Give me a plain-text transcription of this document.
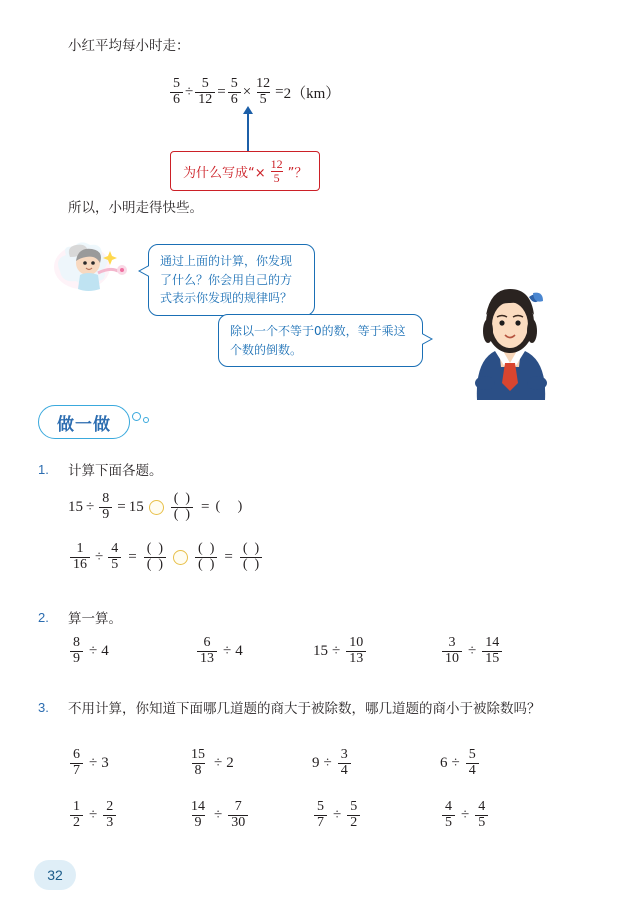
小红平均每小时走：
$\frac{5}{6} \div \frac{5}{12} = \frac{5}{6} \times \frac{12}{5} = 2(km)$
为什么写成“× $\frac{12}{5}$ ”？
所以，小明走得快些。
通过上面的计算，你发现了什么？你会用自己的方式表示你发现的规律吗？
除以一个不等于0的数，等于乘这个数的倒数。
做一做
1. 计算下面各题。
$15 \div \frac{8}{9} = 15 \frac{( )}{( )}$ = (     )
$\frac{1}{16} \div \frac{4}{5} = \frac{( )}{( )} \frac{( )}{( )} = \frac{( )}{( )}$
2. 算一算。
$\frac{8}{9} \div 4$	$\frac{6}{13} \div 4$	$15 \div \frac{10}{13}$	$\frac{3}{10} \div \frac{14}{15}$
3. 不用计算，你知道下面哪几道题的商大于被除数，哪几道题的商小于被除数吗？
$\frac{6}{7} \div 3$	$\frac{15}{8} \div 2$	$9 \div \frac{3}{4}$	$6 \div \frac{5}{4}$
$\frac{1}{2} \div \frac{2}{3}$	$\frac{14}{9} \div \frac{7}{30}$	$\frac{5}{7} \div \frac{5}{2}$	$\frac{4}{5} \div \frac{4}{5}$
32
